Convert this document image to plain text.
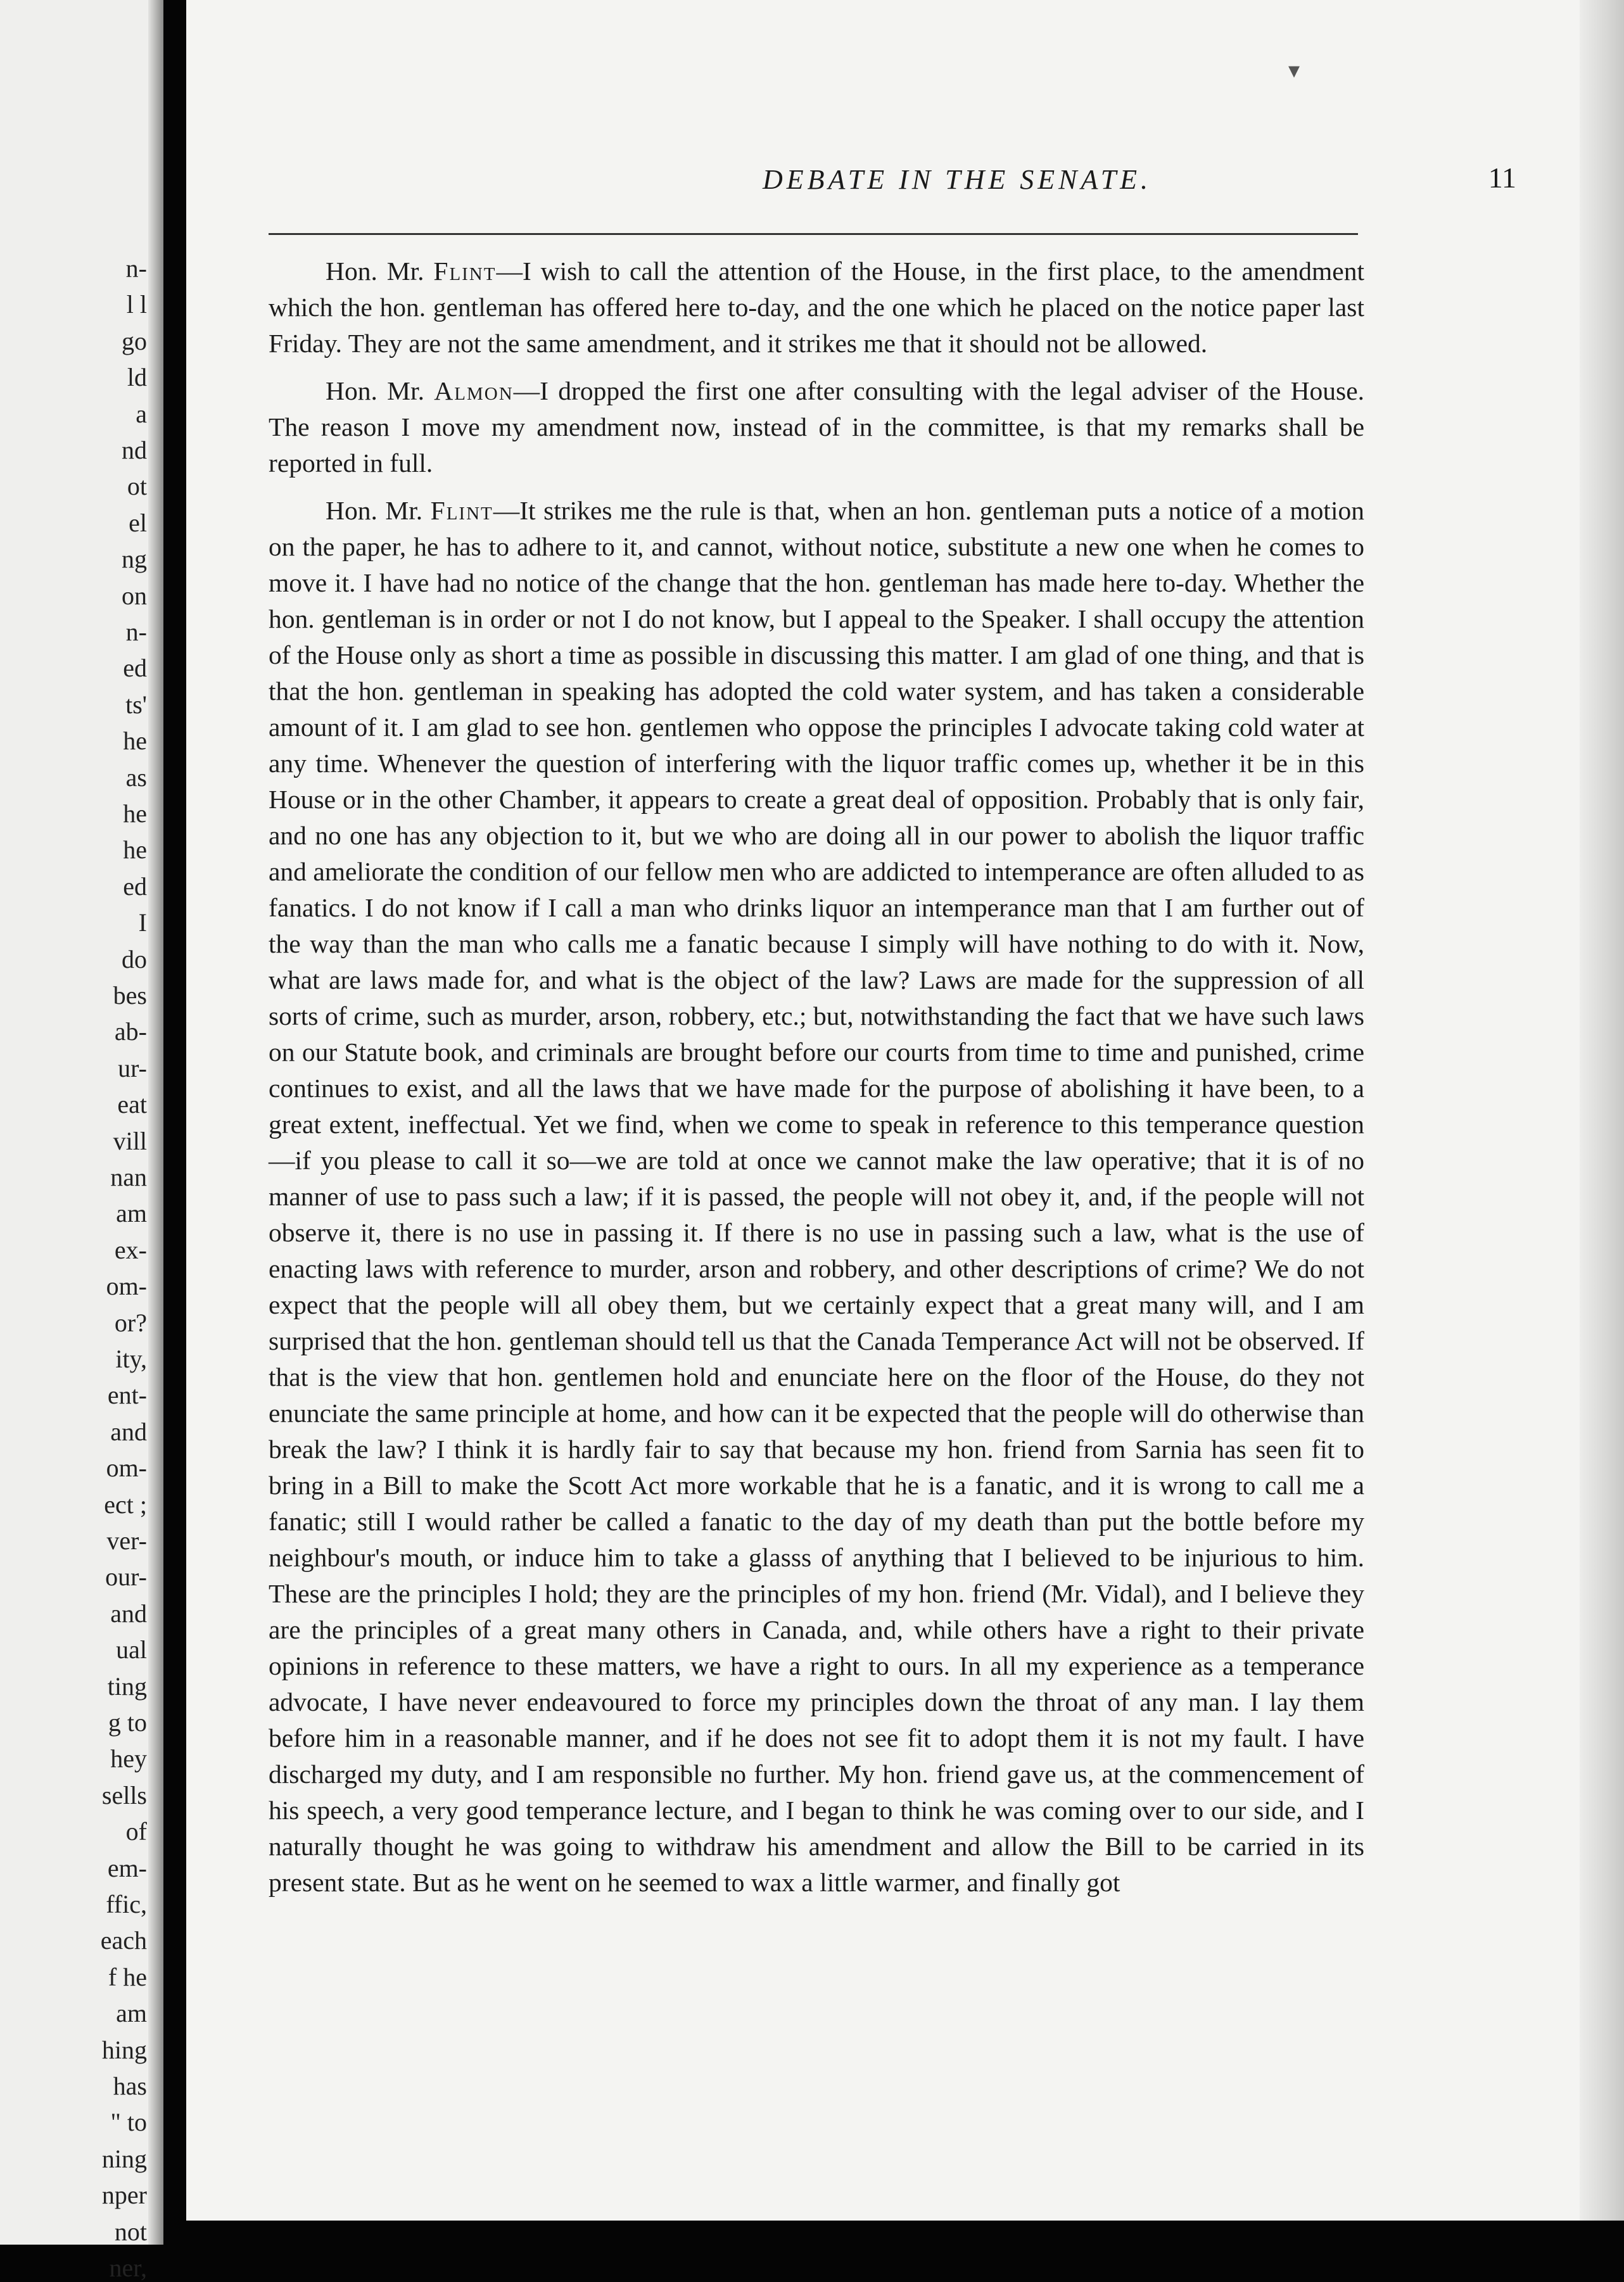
n-
l l
go
ld
a
nd
ot
el
ng
on
n-
ed
ts'
he
as
he
he
ed
I
do
bes
ab-
ur-
eat
vill
nan
am
ex-
om-
or?
ity,
ent-
and
om-
ect ;
ver-
our-
and
ual
ting
g to
hey
sells
of
em-
ffic,
each
f he
am
hing
has
" to
ning
nper
not
ner,
DEBATE IN THE SENATE.	11
▾

Hon. Mr. Flint—I wish to call the attention of the House, in the first place, to the amendment which the hon. gentleman has offered here to-day, and the one which he placed on the notice paper last Friday. They are not the same amendment, and it strikes me that it should not be allowed.

Hon. Mr. Almon—I dropped the first one after consulting with the legal adviser of the House. The reason I move my amendment now, instead of in the committee, is that my remarks shall be reported in full.

Hon. Mr. Flint—It strikes me the rule is that, when an hon. gentleman puts a notice of a motion on the paper, he has to adhere to it, and cannot, without notice, substitute a new one when he comes to move it. I have had no notice of the change that the hon. gentleman has made here to-day. Whether the hon. gentleman is in order or not I do not know, but I appeal to the Speaker. I shall occupy the attention of the House only as short a time as possible in discussing this matter. I am glad of one thing, and that is that the hon. gentleman in speaking has adopted the cold water system, and has taken a considerable amount of it. I am glad to see hon. gentlemen who oppose the principles I advocate taking cold water at any time. Whenever the question of interfering with the liquor traffic comes up, whether it be in this House or in the other Chamber, it appears to create a great deal of opposition. Probably that is only fair, and no one has any objection to it, but we who are doing all in our power to abolish the liquor traffic and ameliorate the condition of our fellow men who are addicted to intemperance are often alluded to as fanatics. I do not know if I call a man who drinks liquor an intemperance man that I am further out of the way than the man who calls me a fanatic because I simply will have nothing to do with it. Now, what are laws made for, and what is the object of the law? Laws are made for the suppression of all sorts of crime, such as murder, arson, robbery, etc.; but, notwithstanding the fact that we have such laws on our Statute book, and criminals are brought before our courts from time to time and punished, crime continues to exist, and all the laws that we have made for the purpose of abolishing it have been, to a great extent, ineffectual. Yet we find, when we come to speak in reference to this temperance question—if you please to call it so—we are told at once we cannot make the law operative; that it is of no manner of use to pass such a law; if it is passed, the people will not obey it, and, if the people will not observe it, there is no use in passing it. If there is no use in passing such a law, what is the use of enacting laws with reference to murder, arson and robbery, and other descriptions of crime? We do not expect that the people will all obey them, but we certainly expect that a great many will, and I am surprised that the hon. gentleman should tell us that the Canada Temperance Act will not be observed. If that is the view that hon. gentlemen hold and enunciate here on the floor of the House, do they not enunciate the same principle at home, and how can it be expected that the people will do otherwise than break the law? I think it is hardly fair to say that because my hon. friend from Sarnia has seen fit to bring in a Bill to make the Scott Act more workable that he is a fanatic, and it is wrong to call me a fanatic; still I would rather be called a fanatic to the day of my death than put the bottle before my neighbour's mouth, or induce him to take a glasss of anything that I believed to be injurious to him. These are the principles I hold; they are the principles of my hon. friend (Mr. Vidal), and I believe they are the principles of a great many others in Canada, and, while others have a right to their private opinions in reference to these matters, we have a right to ours. In all my experience as a temperance advocate, I have never endeavoured to force my principles down the throat of any man. I lay them before him in a reasonable manner, and if he does not see fit to adopt them it is not my fault. I have discharged my duty, and I am responsible no further. My hon. friend gave us, at the commencement of his speech, a very good temperance lecture, and I began to think he was coming over to our side, and I naturally thought he was going to withdraw his amendment and allow the Bill to be carried in its present state. But as he went on he seemed to wax a little warmer, and finally got
